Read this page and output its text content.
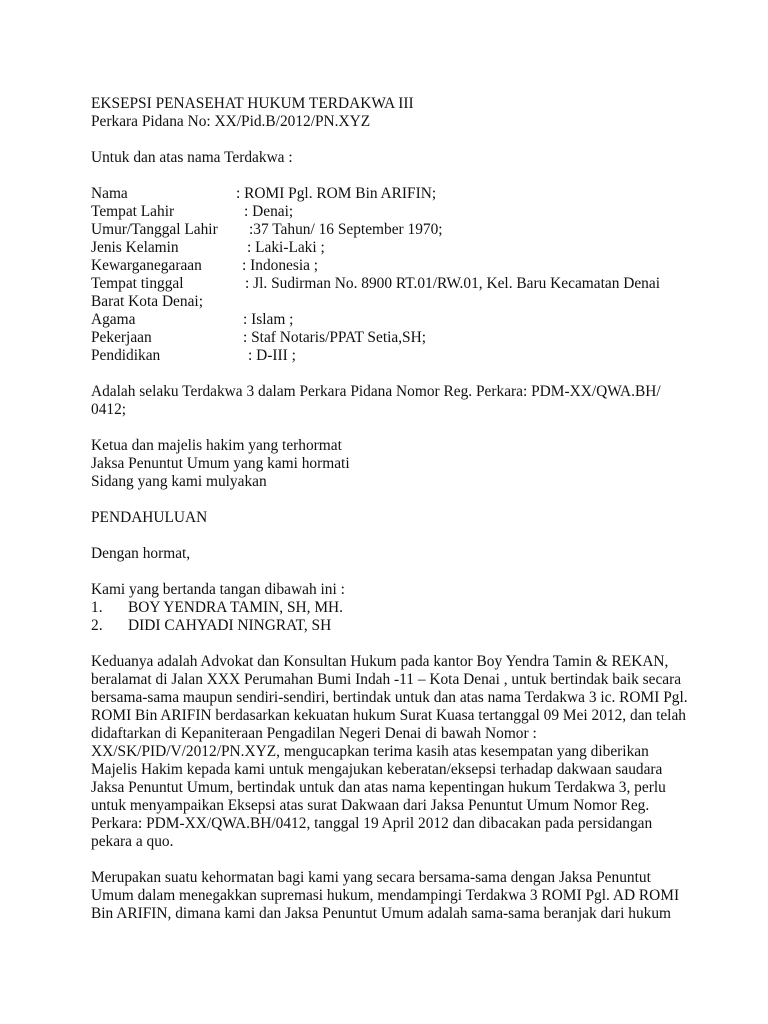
EKSEPSI PENASEHAT HUKUM TERDAKWA III
Perkara Pidana No: XX/Pid.B/2012/PN.XYZ
Untuk dan atas nama Terdakwa :
Nama	: ROMI Pgl. ROM Bin ARIFIN;
Tempat Lahir	: Denai;
Umur/Tanggal Lahir :37 Tahun/ 16 September 1970;
Jenis Kelamin	: Laki-Laki ;
Kewarganegaraan	: Indonesia ;
Tempat tinggal	: Jl. Sudirman No. 8900 RT.01/RW.01, Kel. Baru Kecamatan Denai
Barat Kota Denai;
Agama	: Islam ;
Pekerjaan	: Staf Notaris/PPAT Setia,SH;
Pendidikan	: D-III ;
Adalah selaku Terdakwa 3 dalam Perkara Pidana Nomor Reg. Perkara: PDM-XX/QWA.BH/
0412;
Ketua dan majelis hakim yang terhormat
Jaksa Penuntut Umum yang kami hormati
Sidang yang kami mulyakan
PENDAHULUAN
Dengan hormat,
Kami yang bertanda tangan dibawah ini :
1. BOY YENDRA TAMIN, SH, MH.
2. DIDI CAHYADI NINGRAT, SH
Keduanya adalah Advokat dan Konsultan Hukum pada kantor Boy Yendra Tamin & REKAN,
beralamat di Jalan XXX Perumahan Bumi Indah -11 – Kota Denai , untuk bertindak baik secara
bersama-sama maupun sendiri-sendiri, bertindak untuk dan atas nama Terdakwa 3 ic. ROMI Pgl.
ROMI Bin ARIFIN berdasarkan kekuatan hukum Surat Kuasa tertanggal 09 Mei 2012, dan telah
didaftarkan di Kepaniteraan Pengadilan Negeri Denai di bawah Nomor :
XX/SK/PID/V/2012/PN.XYZ, mengucapkan terima kasih atas kesempatan yang diberikan
Majelis Hakim kepada kami untuk mengajukan keberatan/eksepsi terhadap dakwaan saudara
Jaksa Penuntut Umum, bertindak untuk dan atas nama kepentingan hukum Terdakwa 3, perlu
untuk menyampaikan Eksepsi atas surat Dakwaan dari Jaksa Penuntut Umum Nomor Reg.
Perkara: PDM-XX/QWA.BH/0412, tanggal 19 April 2012 dan dibacakan pada persidangan
pekara a quo.
Merupakan suatu kehormatan bagi kami yang secara bersama-sama dengan Jaksa Penuntut
Umum dalam menegakkan supremasi hukum, mendampingi Terdakwa 3 ROMI Pgl. AD ROMI
Bin ARIFIN, dimana kami dan Jaksa Penuntut Umum adalah sama-sama beranjak dari hukum
